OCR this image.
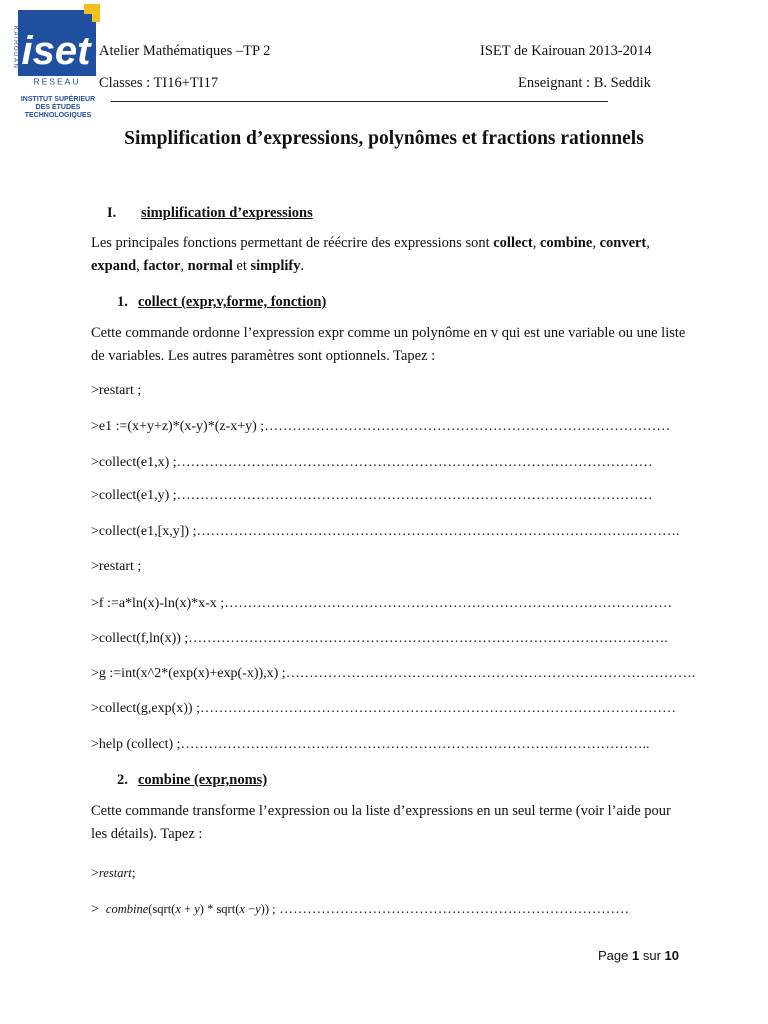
iset
RESEAU
KAIROUAN
INSTITUT SUPÉRIEUR
DES ÉTUDES
TECHNOLOGIQUES
Atelier Mathématiques –TP 2	ISET de Kairouan 2013-2014
Classes : TI16+TI17	Enseignant : B. Seddik
Simplification d’expressions, polynômes et fractions rationnels
I. simplification d’expressions
Les principales fonctions permettant de réécrire des expressions sont collect, combine, convert,
expand, factor, normal et simplify.
1. collect (expr,v,forme, fonction)
Cette commande ordonne l’expression expr comme un polynôme en v qui est une variable ou une liste
de variables. Les autres paramètres sont optionnels. Tapez :
>restart ;
>e1 :=(x+y+z)*(x-y)*(z-x+y) ;……………………………………………………………………………
>collect(e1,x) ;…………………………………………………………………………………………
>collect(e1,y) ;…………………………………………………………………………………………
>collect(e1,[x,y]) ;………………………………………………………………………………….……….
>restart ;
>f :=a*ln(x)-ln(x)*x-x ;……………………………………………………………………………………
>collect(f,ln(x)) ;………………………………………………………………………………………….
>g :=int(x^2*(exp(x)+exp(-x)),x) ;…………………………………………………………………………….
>collect(g,exp(x)) ;…………………………………………………………………………………………
>help (collect) ;………………………………………………………………………………………..
2. combine (expr,noms)
Cette commande transforme l’expression ou la liste d’expressions en un seul terme (voir l’aide pour
les détails). Tapez :
>restart;
> combine(sqrt(x + y) * sqrt(x −y)) ; …………………………………………………………………
Page 1 sur 10
